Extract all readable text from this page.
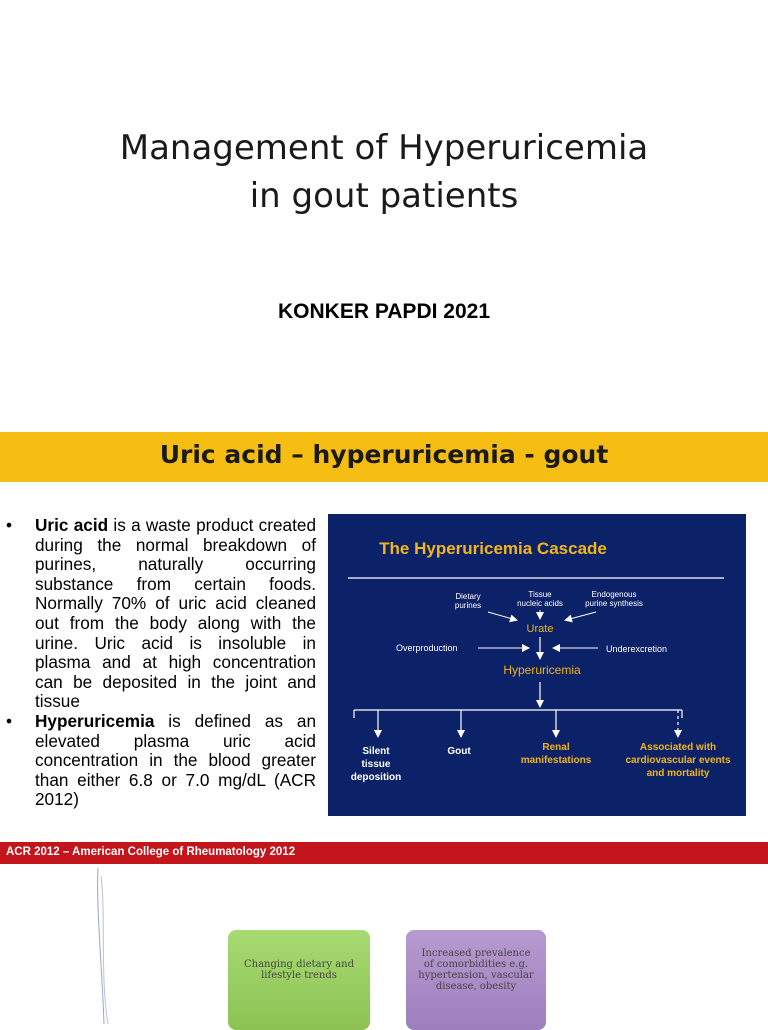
Management of Hyperuricemia
in gout patients
KONKER PAPDI 2021
Uric acid – hyperuricemia - gout
• Uric acid is a waste product created during the normal breakdown of purines, naturally occurring substance from certain foods. Normally 70% of uric acid cleaned out from the body along with the urine. Uric acid is insoluble in plasma and at high concentration can be deposited in the joint and tissue
• Hyperuricemia is defined as an elevated plasma uric acid concentration in the blood greater than either 6.8 or 7.0 mg/dL (ACR 2012)
The Hyperuricemia Cascade
Dietary purines
Tissue nucleic acids
Endogenous purine synthesis
Urate
Overproduction	Underexcretion
Hyperuricemia
Silent tissue deposition
Gout	Renal manifestations
Associated with cardiovascular events and mortality
ACR 2012 – American College of Rheumatology 2012
Changing dietary and lifestyle trends
Increased prevalence of comorbidities e.g. hypertension, vascular disease, obesity
